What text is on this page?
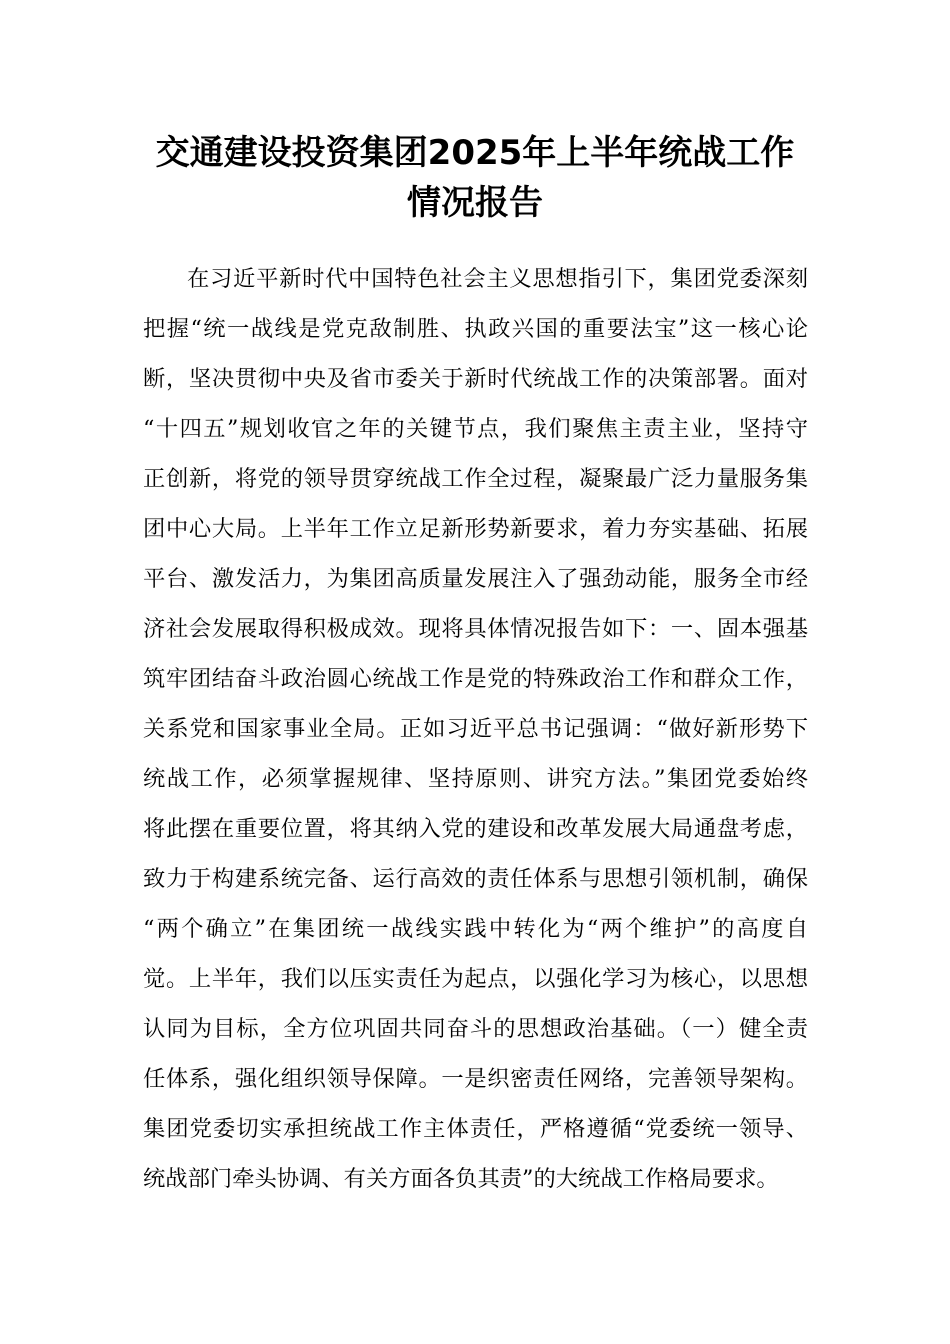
交通建设投资集团2025年上半年统战工作
情况报告
在习近平新时代中国特色社会主义思想指引下，集团党委深刻
把握“统一战线是党克敌制胜、执政兴国的重要法宝”这一核心论
断，坚决贯彻中央及省市委关于新时代统战工作的决策部署。面对
“十四五”规划收官之年的关键节点，我们聚焦主责主业，坚持守
正创新，将党的领导贯穿统战工作全过程，凝聚最广泛力量服务集
团中心大局。上半年工作立足新形势新要求，着力夯实基础、拓展
平台、激发活力，为集团高质量发展注入了强劲动能，服务全市经
济社会发展取得积极成效。现将具体情况报告如下：一、固本强基
筑牢团结奋斗政治圆心统战工作是党的特殊政治工作和群众工作，
关系党和国家事业全局。正如习近平总书记强调：“做好新形势下
统战工作，必须掌握规律、坚持原则、讲究方法。”集团党委始终
将此摆在重要位置，将其纳入党的建设和改革发展大局通盘考虑，
致力于构建系统完备、运行高效的责任体系与思想引领机制，确保
“两个确立”在集团统一战线实践中转化为“两个维护”的高度自
觉。上半年，我们以压实责任为起点，以强化学习为核心，以思想
认同为目标，全方位巩固共同奋斗的思想政治基础。（一）健全责
任体系，强化组织领导保障。一是织密责任网络，完善领导架构。
集团党委切实承担统战工作主体责任，严格遵循“党委统一领导、
统战部门牵头协调、有关方面各负其责”的大统战工作格局要求。
